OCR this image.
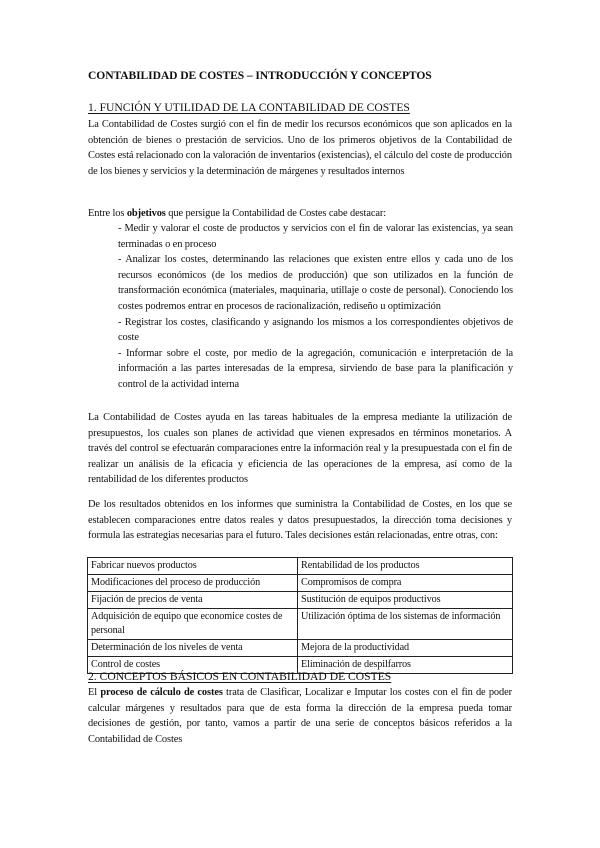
CONTABILIDAD DE COSTES – INTRODUCCIÓN Y CONCEPTOS
1. FUNCIÓN Y UTILIDAD DE LA CONTABILIDAD DE COSTES
La Contabilidad de Costes surgió con el fin de medir los recursos económicos que son aplicados en la obtención de bienes o prestación de servicios. Uno de los primeros objetivos de la Contabilidad de Costes está relacionado con la valoración de inventarios (existencias), el cálculo del coste de producción de los bienes y servicios y la determinación de márgenes y resultados internos
Entre los objetivos que persigue la Contabilidad de Costes cabe destacar:
- Medir y valorar el coste de productos y servicios con el fin de valorar las existencias, ya sean terminadas o en proceso
- Analizar los costes, determinando las relaciones que existen entre ellos y cada uno de los recursos económicos (de los medios de producción) que son utilizados en la función de transformación económica (materiales, maquinaria, utillaje o coste de personal). Conociendo los costes podremos entrar en procesos de racionalización, rediseño u optimización
- Registrar los costes, clasificando y asignando los mismos a los correspondientes objetivos de coste
- Informar sobre el coste, por medio de la agregación, comunicación e interpretación de la información a las partes interesadas de la empresa, sirviendo de base para la planificación y control de la actividad interna
La Contabilidad de Costes ayuda en las tareas habituales de la empresa mediante la utilización de presupuestos, los cuales son planes de actividad que vienen expresados en términos monetarios. A través del control se efectuarán comparaciones entre la información real y la presupuestada con el fin de realizar un análisis de la eficacia y eficiencia de las operaciones de la empresa, así como de la rentabilidad de los diferentes productos
De los resultados obtenidos en los informes que suministra la Contabilidad de Costes, en los que se establecen comparaciones entre datos reales y datos presupuestados, la dirección toma decisiones y formula las estrategias necesarias para el futuro. Tales decisiones están relacionadas, entre otras, con:
Fabricar nuevos productos	Rentabilidad de los productos
Modificaciones del proceso de producción	Compromisos de compra
Fijación de precios de venta	Sustitución de equipos productivos
Adquisición de equipo que economice costes de personal	Utilización óptima de los sistemas de información
Determinación de los niveles de venta	Mejora de la productividad
Control de costes	Eliminación de despilfarros
2. CONCEPTOS BÁSICOS EN CONTABILIDAD DE COSTES
El proceso de cálculo de costes trata de Clasificar, Localizar e Imputar los costes con el fin de poder calcular márgenes y resultados para que de esta forma la dirección de la empresa pueda tomar decisiones de gestión, por tanto, vamos a partir de una serie de conceptos básicos referidos a la Contabilidad de Costes
